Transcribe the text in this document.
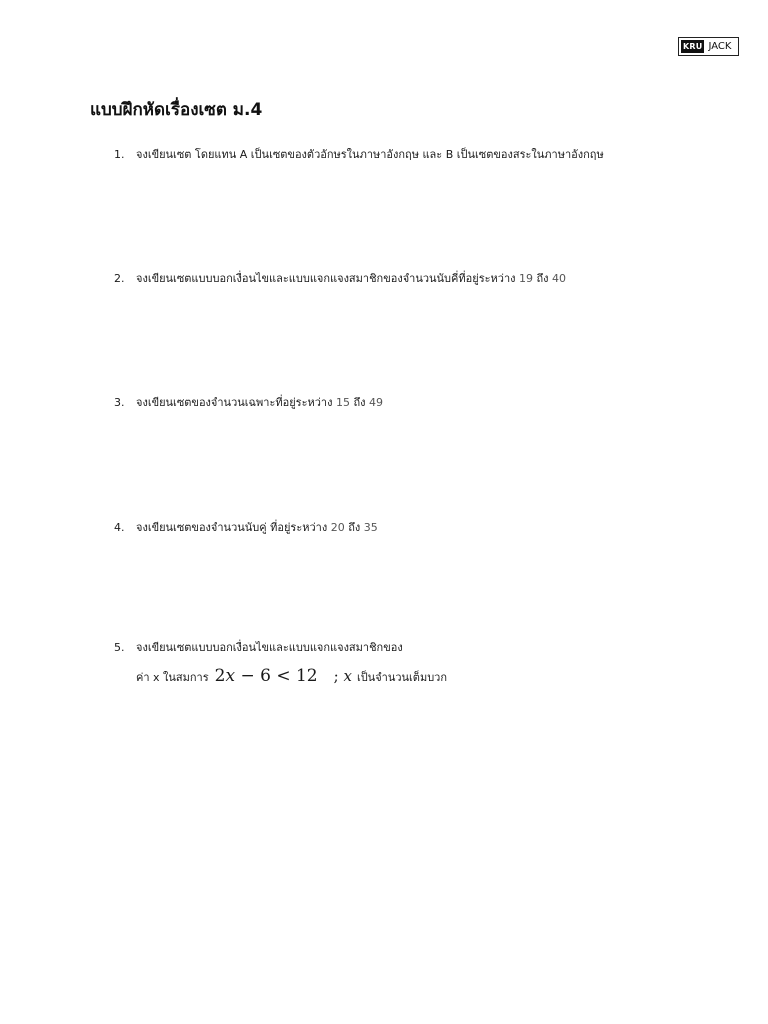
KRU JACK
แบบฝึกหัดเรื่องเซต ม.4
1. จงเขียนเซต โดยแทน A เป็นเซตของตัวอักษรในภาษาอังกฤษ และ B เป็นเซตของสระในภาษาอังกฤษ
2. จงเขียนเซตแบบบอกเงื่อนไขและแบบแจกแจงสมาชิกของจำนวนนับคี่ที่อยู่ระหว่าง 19 ถึง 40
3. จงเขียนเซตของจำนวนเฉพาะที่อยู่ระหว่าง 15 ถึง 49
4. จงเขียนเซตของจำนวนนับคู่ ที่อยู่ระหว่าง 20 ถึง 35
5. จงเขียนเซตแบบบอกเงื่อนไขและแบบแจกแจงสมาชิกของ
ค่า x ในสมการ 2x − 6 < 12 ; x เป็นจำนวนเต็มบวก
